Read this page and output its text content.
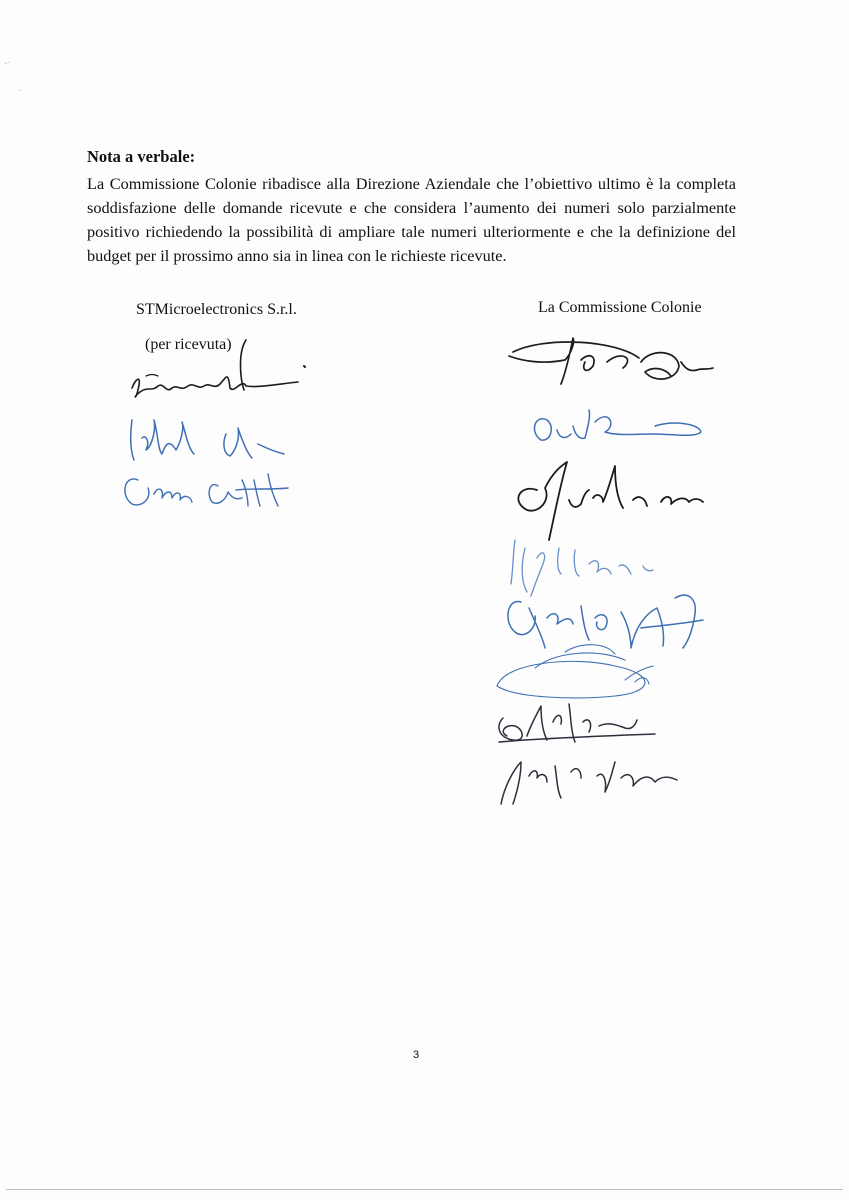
-·
·

Nota a verbale:

La Commissione Colonie ribadisce alla Direzione Aziendale che l’obiettivo ultimo è la completa soddisfazione delle domande ricevute e che considera l’aumento dei numeri solo parzialmente positivo richiedendo la possibilità di ampliare tale numeri ulteriormente e che la definizione del budget per il prossimo anno sia in linea con le richieste ricevute.

STMicroelectronics S.r.l.	La Commissione Colonie

(per ricevuta)

3
